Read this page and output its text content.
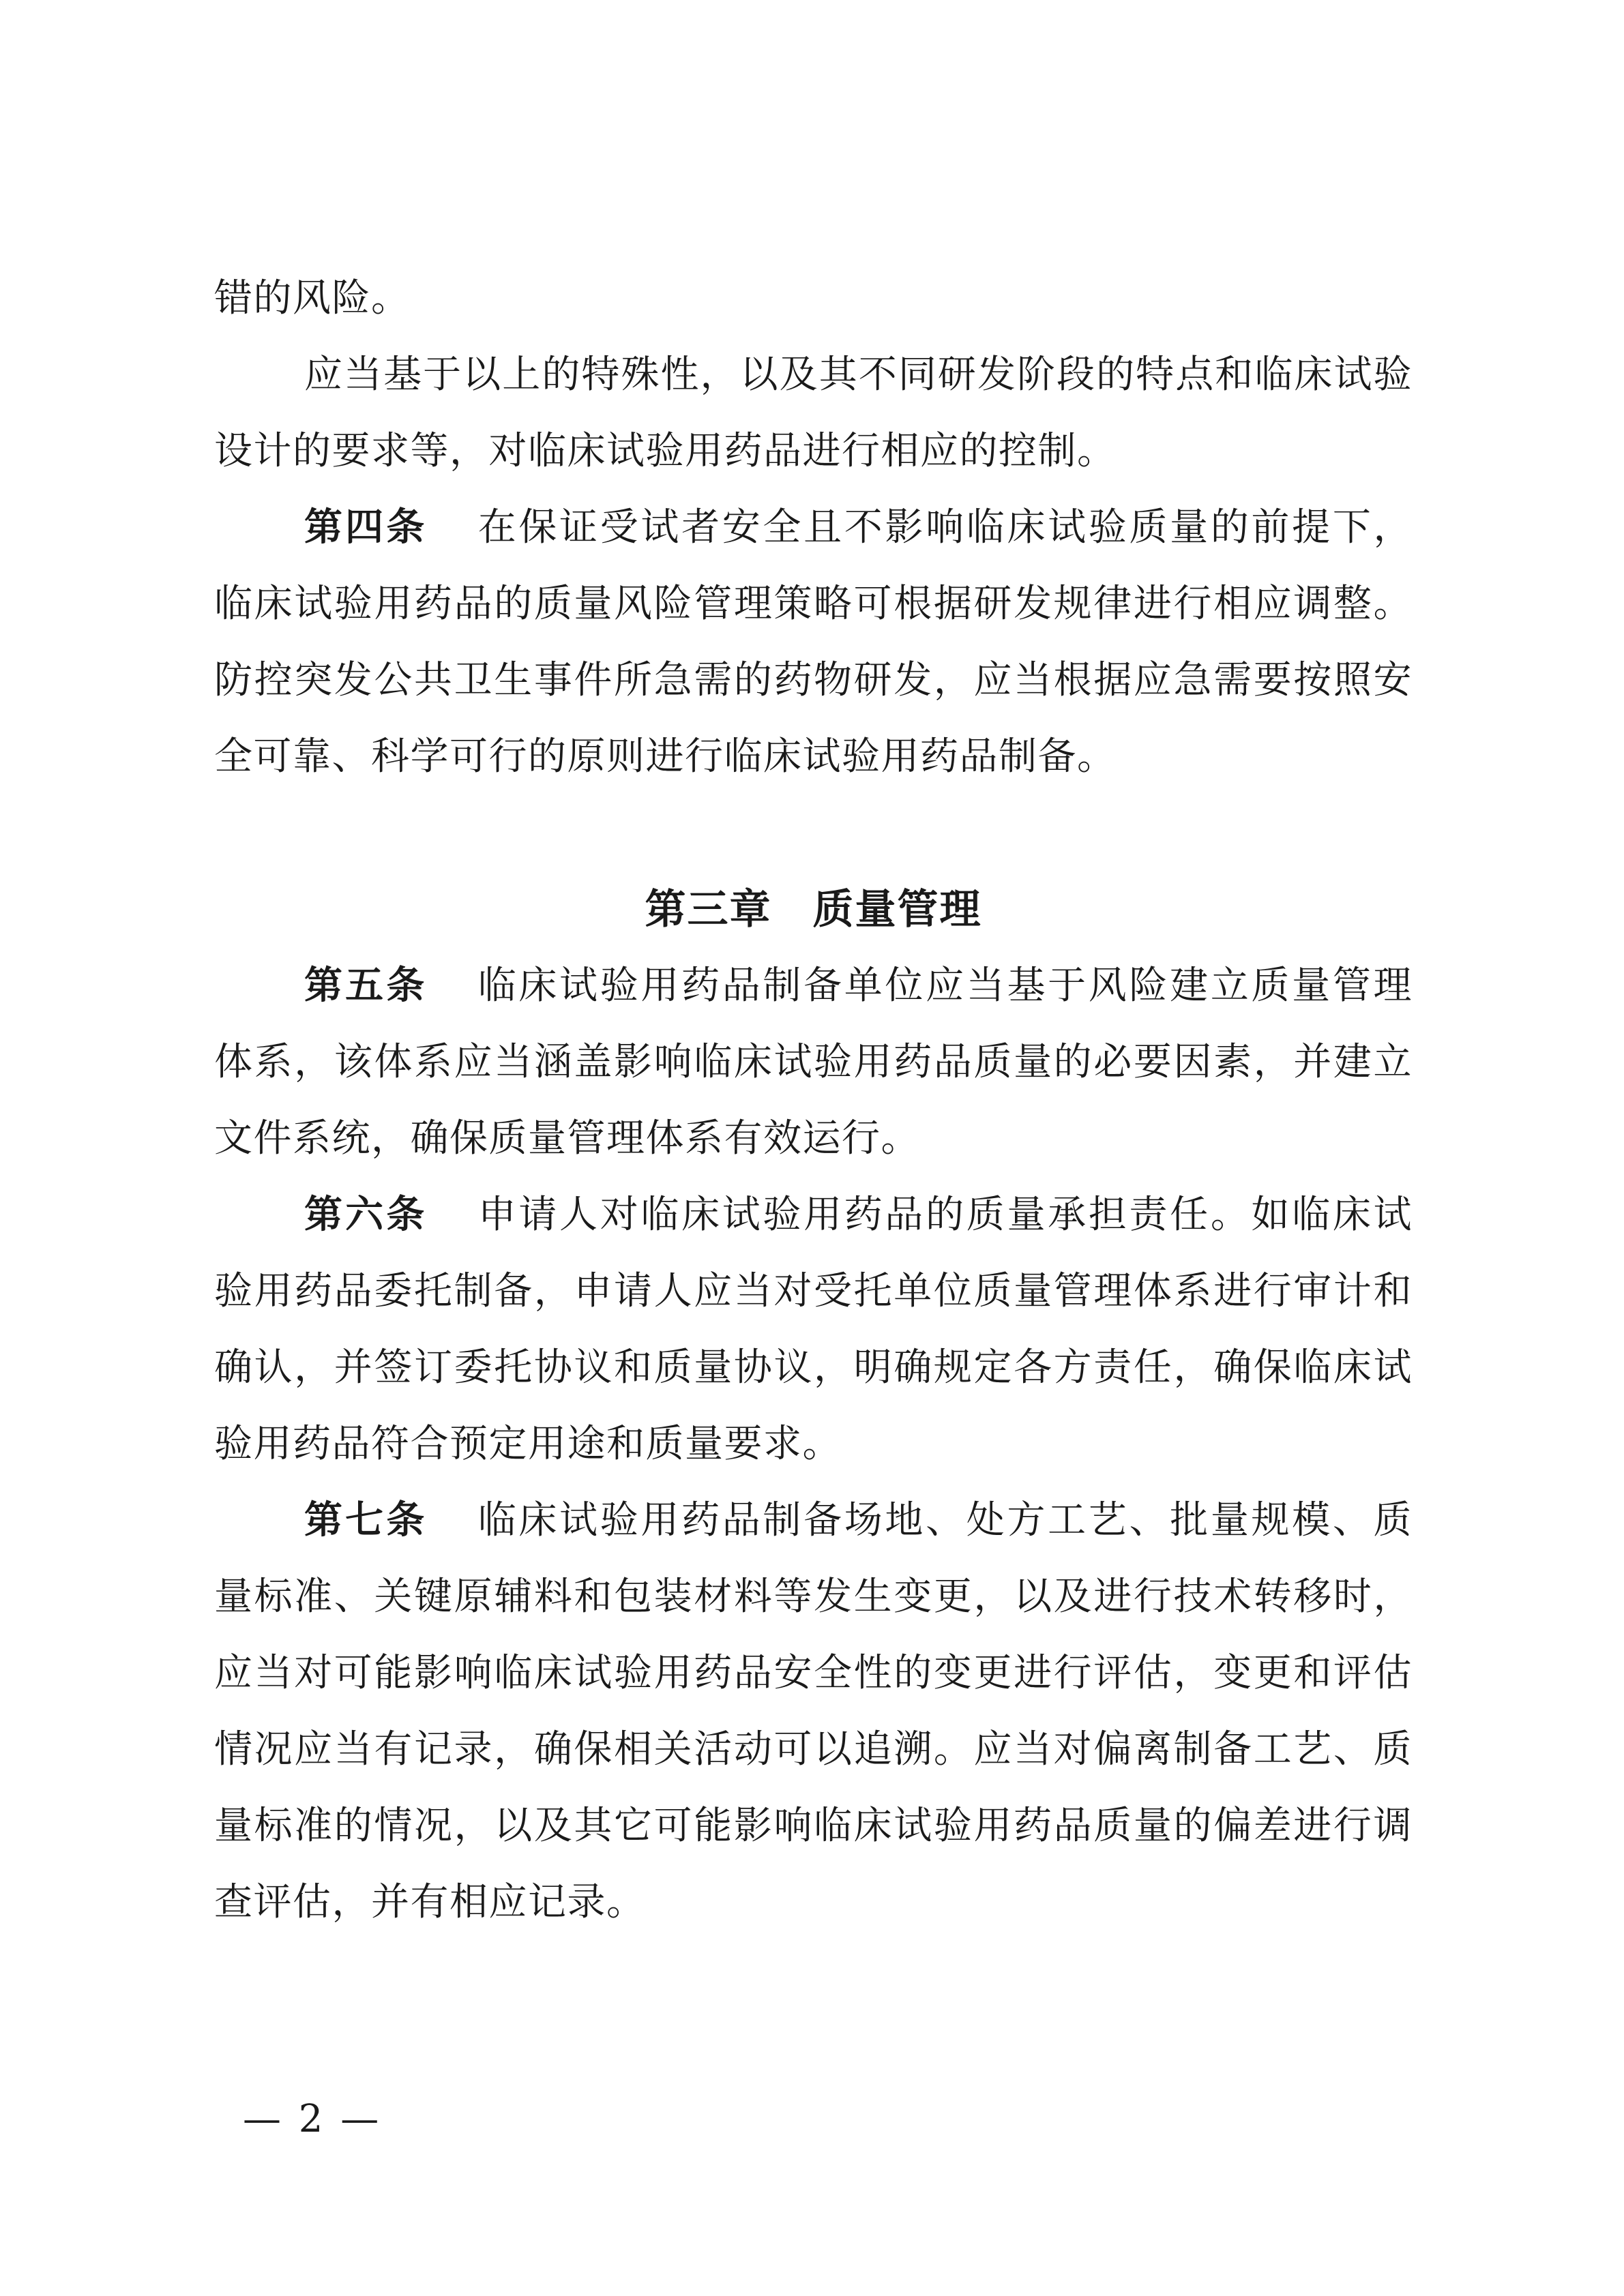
错的风险。

应当基于以上的特殊性，以及其不同研发阶段的特点和临床试验设计的要求等，对临床试验用药品进行相应的控制。

第四条 在保证受试者安全且不影响临床试验质量的前提下，临床试验用药品的质量风险管理策略可根据研发规律进行相应调整。防控突发公共卫生事件所急需的药物研发，应当根据应急需要按照安全可靠、科学可行的原则进行临床试验用药品制备。

第三章 质量管理

第五条 临床试验用药品制备单位应当基于风险建立质量管理体系，该体系应当涵盖影响临床试验用药品质量的必要因素，并建立文件系统，确保质量管理体系有效运行。

第六条 申请人对临床试验用药品的质量承担责任。如临床试验用药品委托制备，申请人应当对受托单位质量管理体系进行审计和确认，并签订委托协议和质量协议，明确规定各方责任，确保临床试验用药品符合预定用途和质量要求。

第七条 临床试验用药品制备场地、处方工艺、批量规模、质量标准、关键原辅料和包装材料等发生变更，以及进行技术转移时，应当对可能影响临床试验用药品安全性的变更进行评估，变更和评估情况应当有记录，确保相关活动可以追溯。应当对偏离制备工艺、质量标准的情况，以及其它可能影响临床试验用药品质量的偏差进行调查评估，并有相应记录。

— 2 —
